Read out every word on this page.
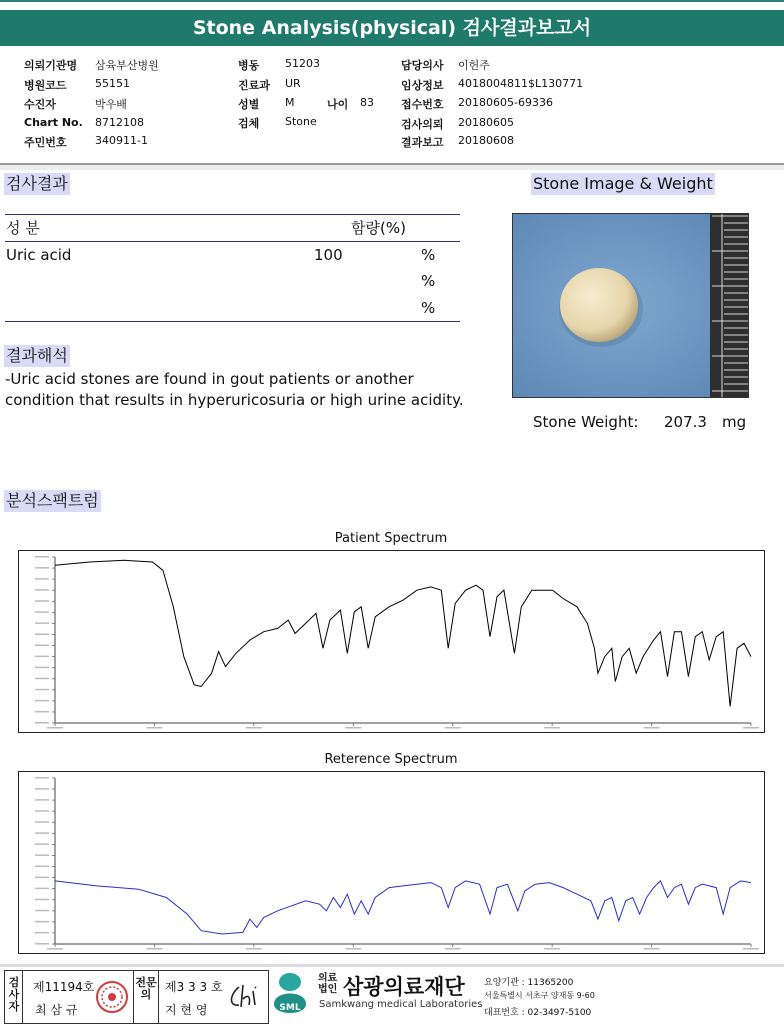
Stone Analysis(physical) 검사결과보고서
의뢰기관명 삼육부산병원
병원코드	55151
수진자	박우배
Chart No. 8712108
주민번호	340911-1
병동 51203
진료과 UR
성별 M	나이 83
검체 Stone
담당의사 이헌주
임상정보 4018004811$L130771
접수번호 20180605-69336
검사의뢰 20180605
결과보고 20180608
검사결과
성 분	함량(%)
Uric acid	100	%
%
%
결과해석
-Uric acid stones are found in gout patients or another
condition that results in hyperuricosuria or high urine acidity.
Stone Image & Weight
Stone Weight: 207.3 mg
분석스팩트럼
Patient Spectrum
Reterence Spectrum
검사자
제11194호
최 삼 규
전문의
제3 3 3 호
지 현 영	SML
의료법인 삼광의료재단
Samkwang medical Laboratories
요양기관 : 11365200
서울특별시 서초구 양재동 9-60
대표번호 : 02-3497-5100
